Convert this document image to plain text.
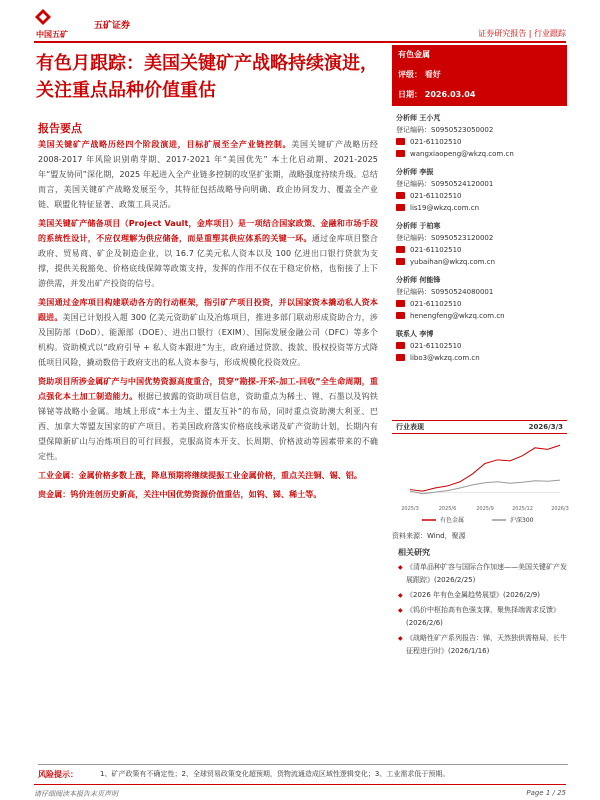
中国五矿
五矿证券
证券研究报告 | 行业跟踪
有色月跟踪：美国关键矿产战略持续演进，关注重点品种价值重估
报告要点

美国关键矿产战略历经四个阶段演进，目标扩展至全产业链控制。美国关键矿产战略历经 2008-2017 年风险识别萌芽期、2017-2021 年“美国优先” 本土化启动期、2021-2025 年“盟友协同”深化期，2025 年起进入全产业链多控制的攻坚扩张期，战略强度持续升级。总结而言，美国关键矿产战略发展至今，其特征包括战略导向明确、政企协同发力、覆盖全产业链、联盟化特征显著、政策工具灵活。

美国关键矿产储备项目（Project Vault，金库项目）是一项结合国家政策、金融和市场手段的系统性设计，不应仅理解为供应储备，而是重塑其供应体系的关键一环。通过金库项目整合政府、贸易商、矿企及制造企业，以 16.7 亿美元私人资本以及 100 亿进出口银行贷款为支撑，提供关税豁免、价格底线保障等政策支持，发挥的作用不仅在于稳定价格，也衔接了上下游供需，并发出矿产投资的信号。

美国通过金库项目构建联动各方的行动框架，指引矿产项目投资，并以国家资本撬动私人资本跟进。美国已计划投入超 300 亿美元资助矿山及冶炼项目，推进多部门联动形成资助合力，涉及国防部（DoD）、能源部（DOE）、进出口银行（EXIM）、国际发展金融公司（DFC）等多个机构。资助模式以“政府引导 + 私人资本跟进”为主，政府通过贷款、拨款、股权投资等方式降低项目风险，撬动数倍于政府支出的私人资本参与，形成规模化投资效应。

资助项目所涉金属矿产与中国优势资源高度重合，贯穿“勘探-开采-加工-回收”全生命周期，重点强化本土加工制造能力。根据已披露的资助项目信息，资助重点为稀土、锂、石墨以及钨铁锑铋等战略小金属。地域上形成“本土为主、盟友互补”的布局，同时重点资助澳大利亚、巴西、加拿大等盟友国家的矿产项目。若美国政府落实价格底线承诺及矿产资助计划，长期内有望保障新矿山与冶炼项目的可行回报，克服高资本开支、长周期、价格波动等因素带来的不确定性。

工业金属：金属价格多数上涨，降息预期将继续提振工业金属价格，重点关注铜、锡、铝。

贵金属：钨价连创历史新高，关注中国优势资源价值重估，如钨、锑、稀土等。

有色金属
评级： 看好
日期： 2026.03.04
分析师 王小芃
登记编码：S0950523050002
021-61102510
wangxiaopeng@wkzq.com.cn
分析师 李振
登记编码：S0950524120001
021-61102510
lis19@wkzq.com.cn
分析师 于柏寒
登记编码：S0950523120002
021-61102510
yubaihan@wkzq.com.cn
分析师 何能锋
登记编码：S0950524080001
021-61102510
henengfeng@wkzq.com.cn
联系人 李博
021-61102510
libo3@wkzq.com.cn
行业表现	2026/3/3
2025/3	2025/6	2025/9	2025/12	2026/3
有色金属	沪深300
资料来源：Wind，聚源
相关研究
◆ 《清单品种扩容与国际合作加速——美国关键矿产发展跟踪》(2026/2/25)
◆ 《2026 年有色金属趋势展望》(2026/2/9)
◆ 《钨价中枢抬高有色强支撑，聚焦择端需求反馈》(2026/2/6)
◆ 《战略性矿产系列报告：锑，天然独供需格局，长牛征程进行时》(2026/1/16)
风险提示：	1、矿产政策有不确定性；2、全球贸易政策变化超预期，货物流通造成区域性逻辑变化；3、工业需求低于预期。
请仔细阅读本报告末页声明	Page 1 / 25
